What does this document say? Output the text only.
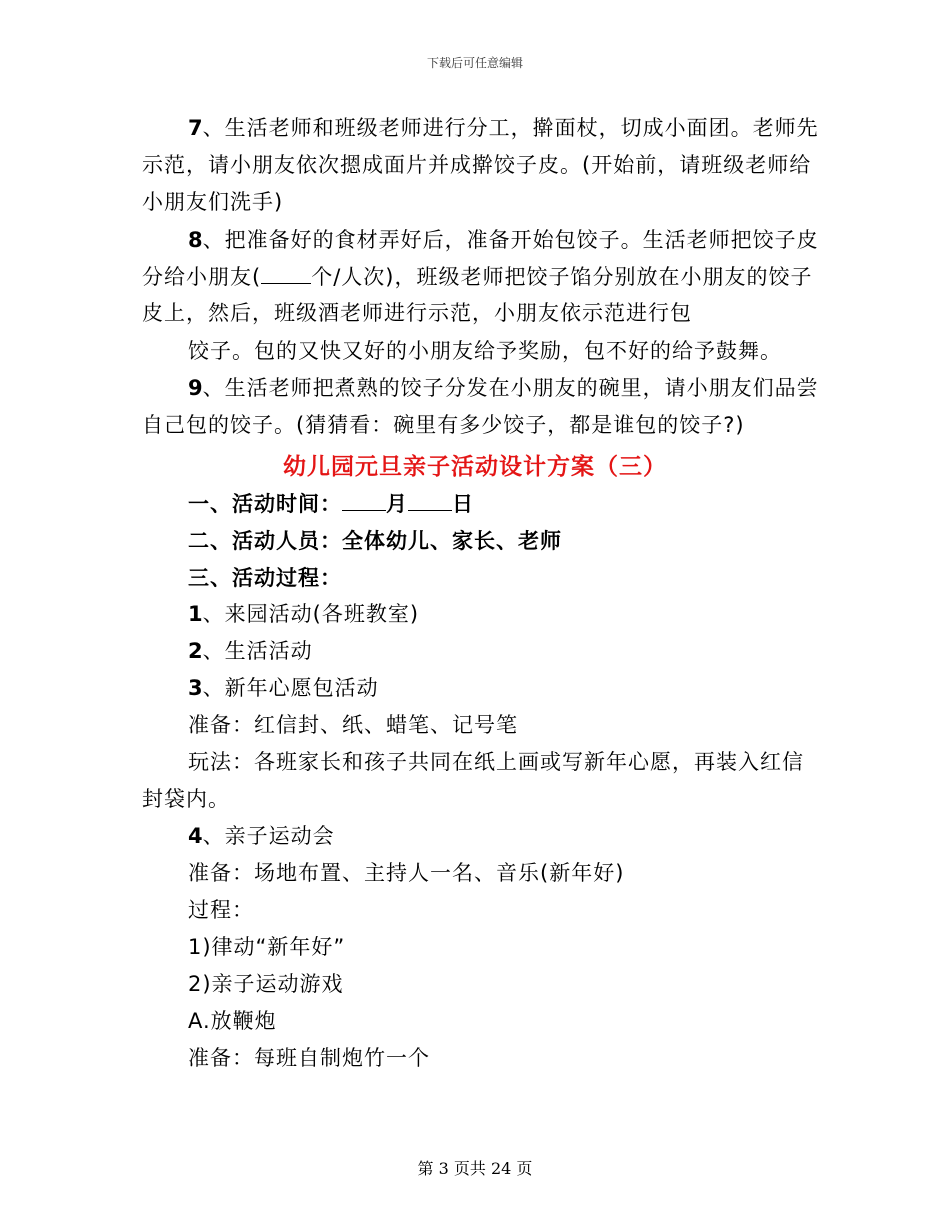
下载后可任意编辑
7、生活老师和班级老师进行分工，擀面杖，切成小面团。老师先
示范，请小朋友依次摁成面片并成擀饺子皮。(开始前，请班级老师给
小朋友们洗手)
8、把准备好的食材弄好后，准备开始包饺子。生活老师把饺子皮
分给小朋友( 个/人次)，班级老师把饺子馅分别放在小朋友的饺子
皮上，然后，班级酒老师进行示范，小朋友依示范进行包
饺子。包的又快又好的小朋友给予奖励，包不好的给予鼓舞。
9、生活老师把煮熟的饺子分发在小朋友的碗里，请小朋友们品尝
自己包的饺子。(猜猜看：碗里有多少饺子，都是谁包的饺子?)
幼儿园元旦亲子活动设计方案（三）
一、活动时间： 月 日
二、活动人员：全体幼儿、家长、老师
三、活动过程：
1、来园活动(各班教室)
2、生活活动
3、新年心愿包活动
准备：红信封、纸、蜡笔、记号笔
玩法：各班家长和孩子共同在纸上画或写新年心愿，再装入红信
封袋内。
4、亲子运动会
准备：场地布置、主持人一名、音乐(新年好)
过程：
1)律动“新年好”
2)亲子运动游戏
A.放鞭炮
准备：每班自制炮竹一个
第 3 页共 24 页
